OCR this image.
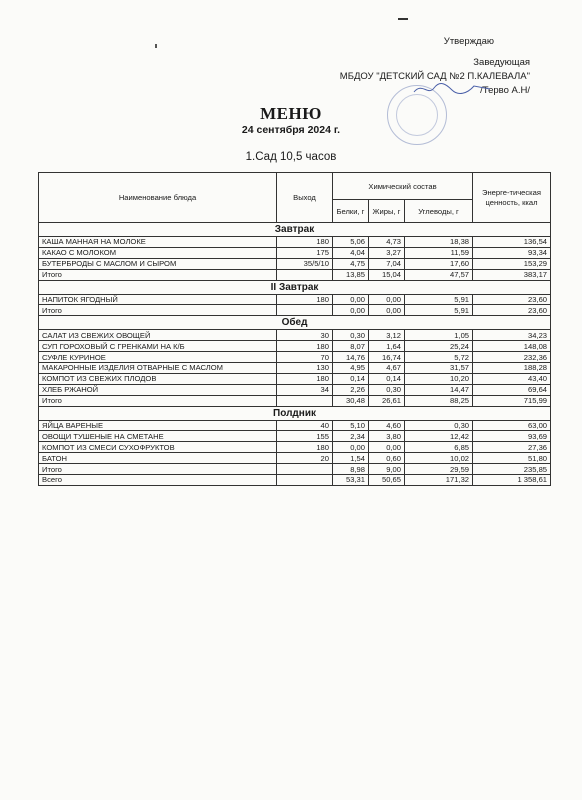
Утверждаю
Заведующая
МБДОУ "ДЕТСКИЙ САД №2 П.КАЛЕВАЛА"
/Терво А.Н/
МЕНЮ
24 сентября 2024 г.
1.Сад 10,5 часов
Наименование блюда	Выход	Химический состав			Энерге-тическая ценность, ккал
		Белки, г	Жиры, г	Углеводы, г	
Завтрак					
КАША МАННАЯ НА МОЛОКЕ	180	5,06	4,73	18,38	136,54
КАКАО С МОЛОКОМ	175	4,04	3,27	11,59	93,34
БУТЕРБРОДЫ С МАСЛОМ И СЫРОМ	35/5/10	4,75	7,04	17,60	153,29
Итого		13,85	15,04	47,57	383,17
II Завтрак					
НАПИТОК ЯГОДНЫЙ	180	0,00	0,00	5,91	23,60
Итого		0,00	0,00	5,91	23,60
Обед					
САЛАТ ИЗ СВЕЖИХ ОВОЩЕЙ	30	0,30	3,12	1,05	34,23
СУП ГОРОХОВЫЙ С ГРЕНКАМИ НА К/Б	180	8,07	1,64	25,24	148,08
СУФЛЕ КУРИНОЕ	70	14,76	16,74	5,72	232,36
МАКАРОННЫЕ ИЗДЕЛИЯ ОТВАРНЫЕ С МАСЛОМ	130	4,95	4,67	31,57	188,28
КОМПОТ ИЗ СВЕЖИХ ПЛОДОВ	180	0,14	0,14	10,20	43,40
ХЛЕБ РЖАНОЙ	34	2,26	0,30	14,47	69,64
Итого		30,48	26,61	88,25	715,99
Полдник					
ЯЙЦА ВАРЕНЫЕ	40	5,10	4,60	0,30	63,00
ОВОЩИ ТУШЕНЫЕ НА СМЕТАНЕ	155	2,34	3,80	12,42	93,69
КОМПОТ ИЗ СМЕСИ СУХОФРУКТОВ	180	0,00	0,00	6,85	27,36
БАТОН	20	1,54	0,60	10,02	51,80
Итого		8,98	9,00	29,59	235,85
Всего		53,31	50,65	171,32	1 358,61
